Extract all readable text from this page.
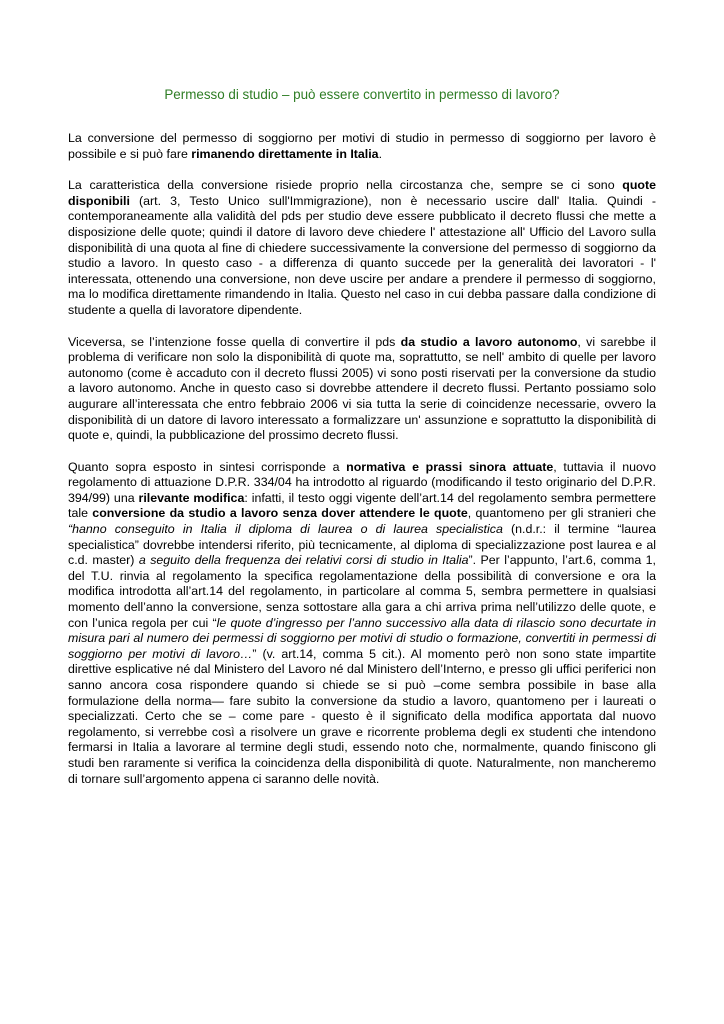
Permesso di studio – può essere convertito in permesso di lavoro?

La conversione del permesso di soggiorno per motivi di studio in permesso di soggiorno per lavoro è possibile e si può fare rimanendo direttamente in Italia.

La caratteristica della conversione risiede proprio nella circostanza che, sempre se ci sono quote disponibili (art. 3, Testo Unico sull'Immigrazione), non è necessario uscire dall' Italia. Quindi - contemporaneamente alla validità del pds per studio deve essere pubblicato il decreto flussi che mette a disposizione delle quote; quindi il datore di lavoro deve chiedere l' attestazione all' Ufficio del Lavoro sulla disponibilità di una quota al fine di chiedere successivamente la conversione del permesso di soggiorno da studio a lavoro. In questo caso - a differenza di quanto succede per la generalità dei lavoratori - l' interessata, ottenendo una conversione, non deve uscire per andare a prendere il permesso di soggiorno, ma lo modifica direttamente rimandendo in Italia. Questo nel caso in cui debba passare dalla condizione di studente a quella di lavoratore dipendente.

Viceversa, se l’intenzione fosse quella di convertire il pds da studio a lavoro autonomo, vi sarebbe il problema di verificare non solo la disponibilità di quote ma, soprattutto, se nell' ambito di quelle per lavoro autonomo (come è accaduto con il decreto flussi 2005) vi sono posti riservati per la conversione da studio a lavoro autonomo. Anche in questo caso si dovrebbe attendere il decreto flussi. Pertanto possiamo solo augurare all’interessata che entro febbraio 2006 vi sia tutta la serie di coincidenze necessarie, ovvero la disponibilità di un datore di lavoro interessato a formalizzare un' assunzione e soprattutto la disponibilità di quote e, quindi, la pubblicazione del prossimo decreto flussi.

Quanto sopra esposto in sintesi corrisponde a normativa e prassi sinora attuate, tuttavia il nuovo regolamento di attuazione D.P.R. 334/04 ha introdotto al riguardo (modificando il testo originario del D.P.R. 394/99) una rilevante modifica: infatti, il testo oggi vigente dell’art.14 del regolamento sembra permettere tale conversione da studio a lavoro senza dover attendere le quote, quantomeno per gli stranieri che “hanno conseguito in Italia il diploma di laurea o di laurea specialistica (n.d.r.: il termine “laurea specialistica” dovrebbe intendersi riferito, più tecnicamente, al diploma di specializzazione post laurea e al c.d. master) a seguito della frequenza dei relativi corsi di studio in Italia”. Per l’appunto, l’art.6, comma 1, del T.U. rinvia al regolamento la specifica regolamentazione della possibilità di conversione e ora la modifica introdotta all’art.14 del regolamento, in particolare al comma 5, sembra permettere in qualsiasi momento dell’anno la conversione, senza sottostare alla gara a chi arriva prima nell’utilizzo delle quote, e con l’unica regola per cui “le quote d’ingresso per l’anno successivo alla data di rilascio sono decurtate in misura pari al numero dei permessi di soggiorno per motivi di studio o formazione, convertiti in permessi di soggiorno per motivi di lavoro…” (v. art.14, comma 5 cit.). Al momento però non sono state impartite direttive esplicative né dal Ministero del Lavoro né dal Ministero dell’Interno, e presso gli uffici periferici non sanno ancora cosa rispondere quando si chiede se si può –come sembra possibile in base alla formulazione della norma— fare subito la conversione da studio a lavoro, quantomeno per i laureati o specializzati. Certo che se – come pare - questo è il significato della modifica apportata dal nuovo regolamento, si verrebbe così a risolvere un grave e ricorrente problema degli ex studenti che intendono fermarsi in Italia a lavorare al termine degli studi, essendo noto che, normalmente, quando finiscono gli studi ben raramente si verifica la coincidenza della disponibilità di quote. Naturalmente, non mancheremo di tornare sull’argomento appena ci saranno delle novità.
